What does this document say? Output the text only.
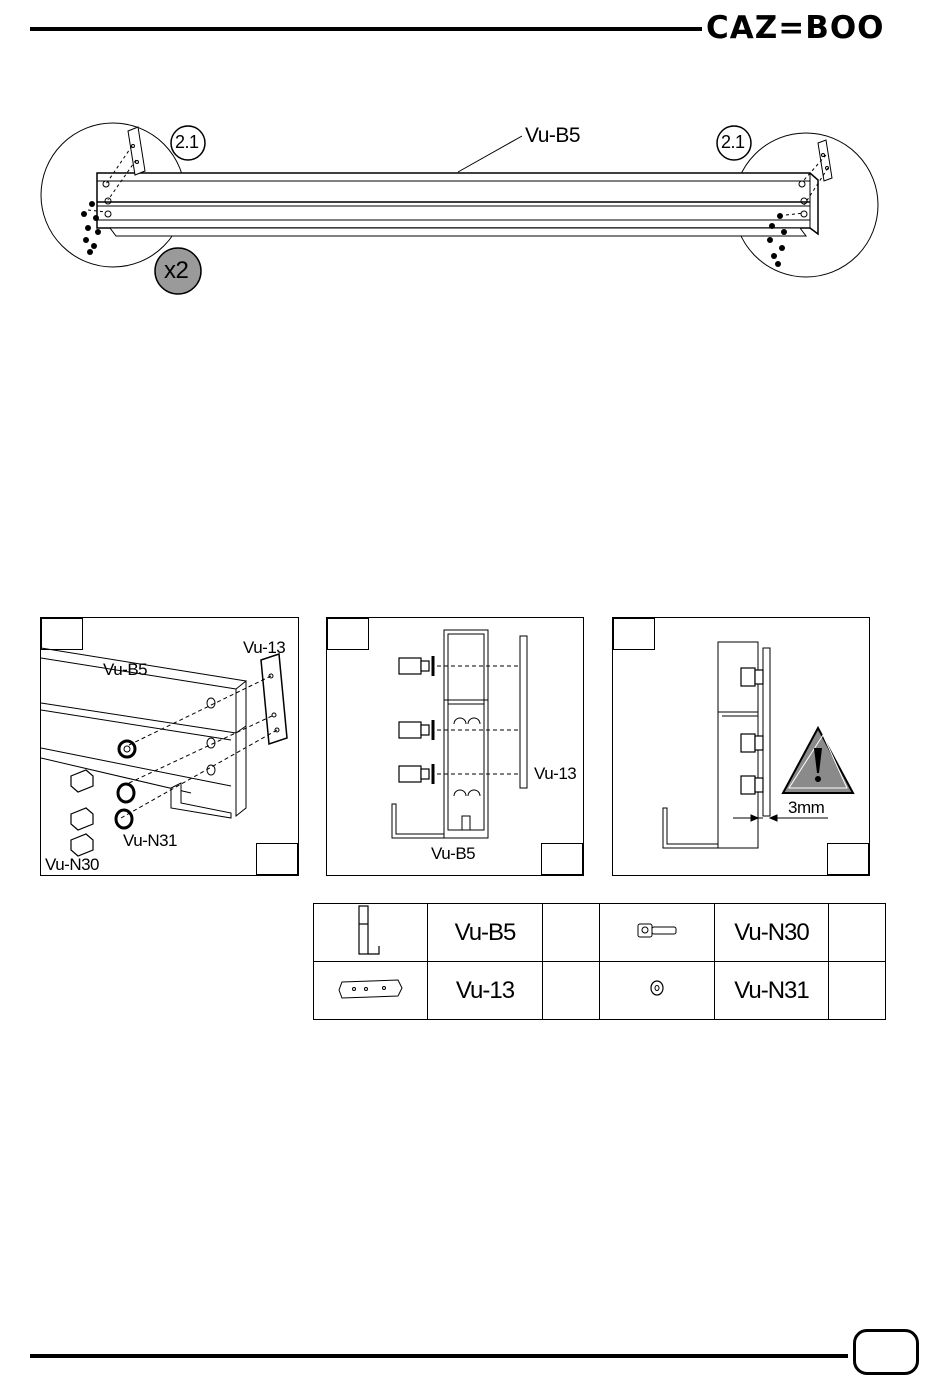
CAZ=BOO
2.1	2.1
Vu-B5
x2
Vu-13
Vu-B5
Vu-N31
Vu-N30
Vu-13
Vu-B5
3mm
	Vu-B5			Vu-N30	
	Vu-13			Vu-N31	
